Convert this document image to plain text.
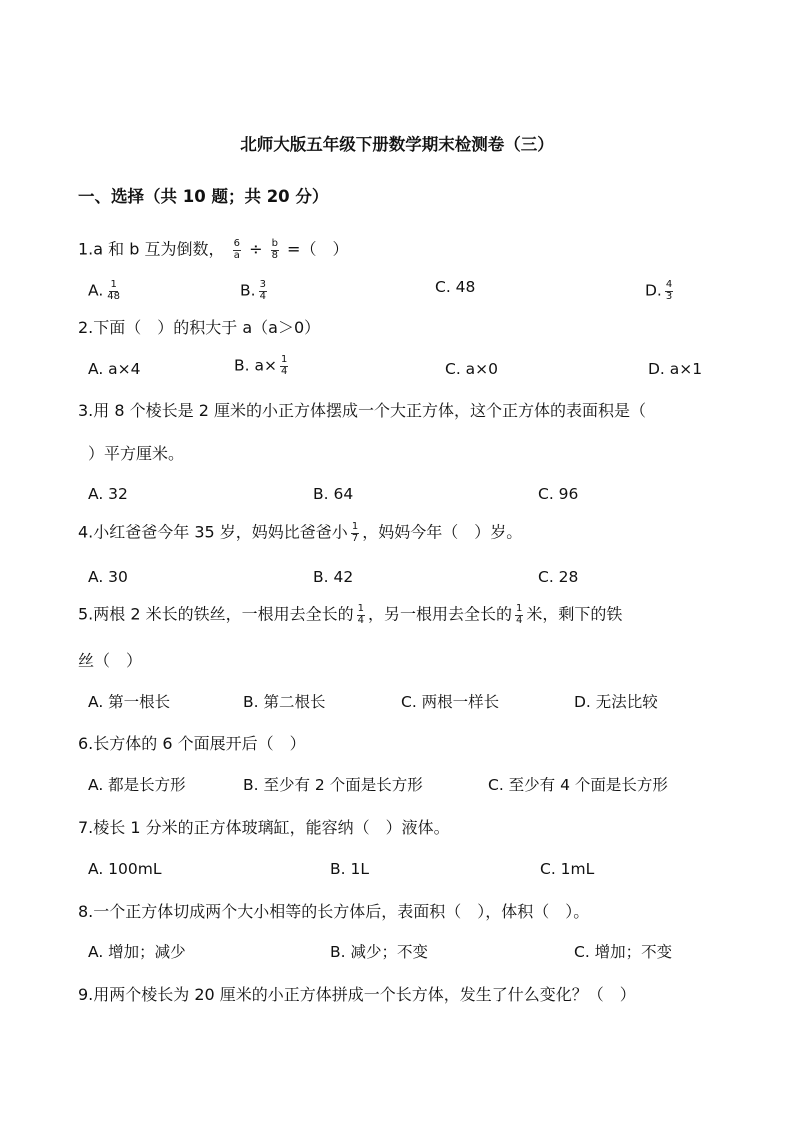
北师大版五年级下册数学期末检测卷（三）
一、选择（共 10 题；共 20 分）
1.a 和 b 互为倒数， $\frac{6}{a} \div \frac{b}{8}$ =（　）
A. $\frac{1}{48}$	B. $\frac{3}{4}$	C. 48	D. $\frac{4}{3}$
2.下面（　）的积大于 a（a＞0）
A. a×4	B. $a\times \frac{1}{4}$	C. a×0	D. a×1
3.用 8 个棱长是 2 厘米的小正方体摆成一个大正方体，这个正方体的表面积是（
）平方厘米。
A. 32	B. 64	C. 96
4.小红爸爸今年 35 岁，妈妈比爸爸小 $\frac{1}{7}$ ，妈妈今年（　）岁。
A. 30	B. 42	C. 28
5.两根 2 米长的铁丝，一根用去全长的 $\frac{1}{4}$ ，另一根用去全长的 $\frac{1}{4}$ 米，剩下的铁
丝（　）
A. 第一根长	B. 第二根长	C. 两根一样长	D. 无法比较
6.长方体的 6 个面展开后（　）
A. 都是长方形	B. 至少有 2 个面是长方形	C. 至少有 4 个面是长方形
7.棱长 1 分米的正方体玻璃缸，能容纳（　）液体。
A. 100mL	B. 1L	C. 1mL
8.一个正方体切成两个大小相等的长方体后，表面积（　），体积（　）。
A. 增加；减少	B. 减少；不变	C. 增加；不变
9.用两个棱长为 20 厘米的小正方体拼成一个长方体，发生了什么变化？（　）
